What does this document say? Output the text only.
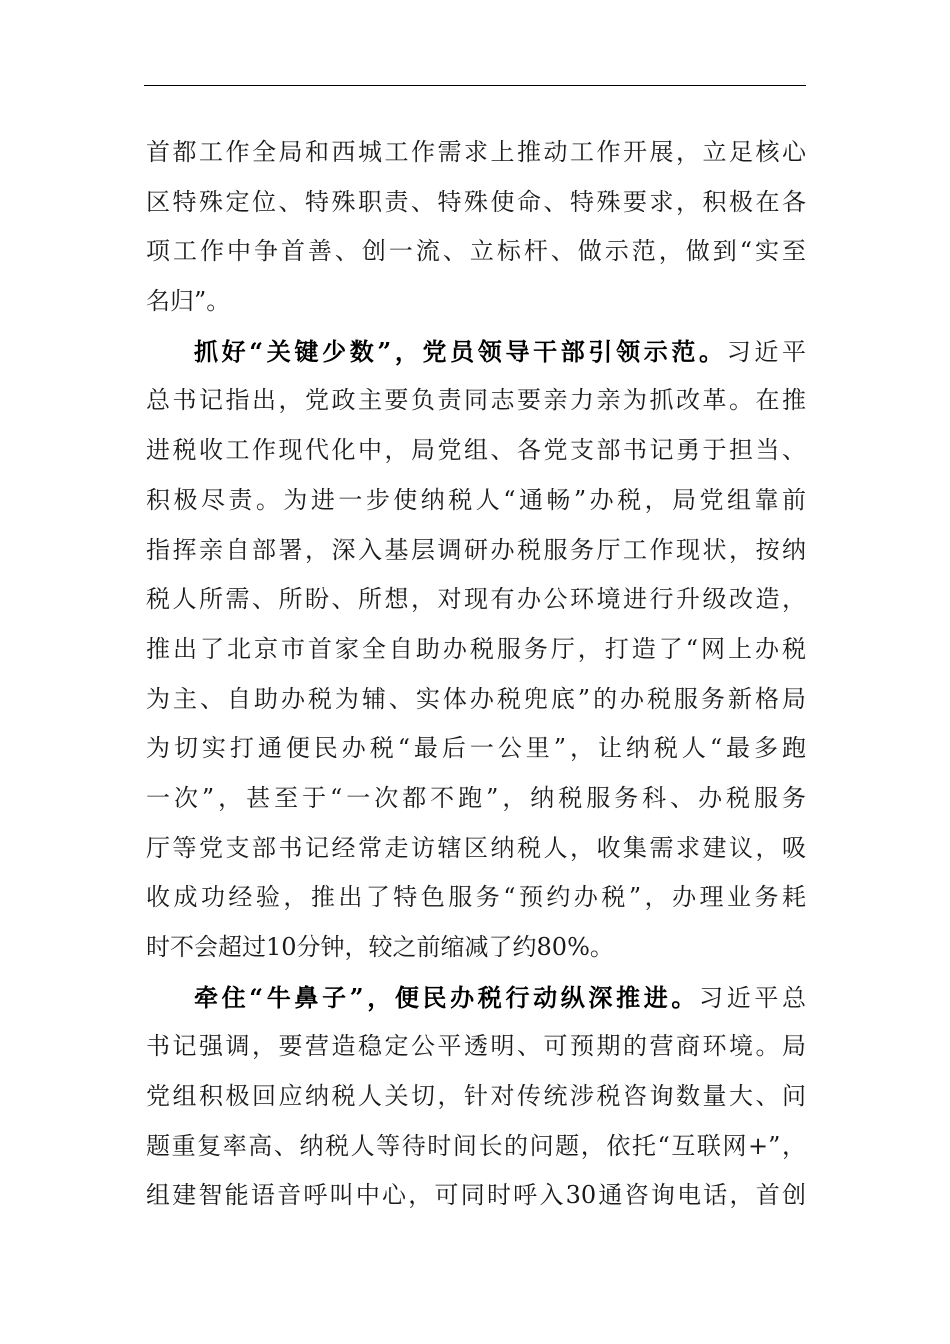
首都工作全局和西城工作需求上推动工作开展，立足核心
区特殊定位、特殊职责、特殊使命、特殊要求，积极在各
项工作中争首善、创一流、立标杆、做示范，做到“实至
名归”。
抓好“关键少数”，党员领导干部引领示范。习近平
总书记指出，党政主要负责同志要亲力亲为抓改革。在推
进税收工作现代化中，局党组、各党支部书记勇于担当、
积极尽责。为进一步使纳税人“通畅”办税，局党组靠前
指挥亲自部署，深入基层调研办税服务厅工作现状，按纳
税人所需、所盼、所想，对现有办公环境进行升级改造，
推出了北京市首家全自助办税服务厅，打造了“网上办税
为主、自助办税为辅、实体办税兜底”的办税服务新格局
为切实打通便民办税“最后一公里”，让纳税人“最多跑
一次”，甚至于“一次都不跑”，纳税服务科、办税服务
厅等党支部书记经常走访辖区纳税人，收集需求建议，吸
收成功经验，推出了特色服务“预约办税”，办理业务耗
时不会超过10分钟，较之前缩减了约80%。
牵住“牛鼻子”，便民办税行动纵深推进。习近平总
书记强调，要营造稳定公平透明、可预期的营商环境。局
党组积极回应纳税人关切，针对传统涉税咨询数量大、问
题重复率高、纳税人等待时间长的问题，依托“互联网+”，
组建智能语音呼叫中心，可同时呼入30通咨询电话，首创
